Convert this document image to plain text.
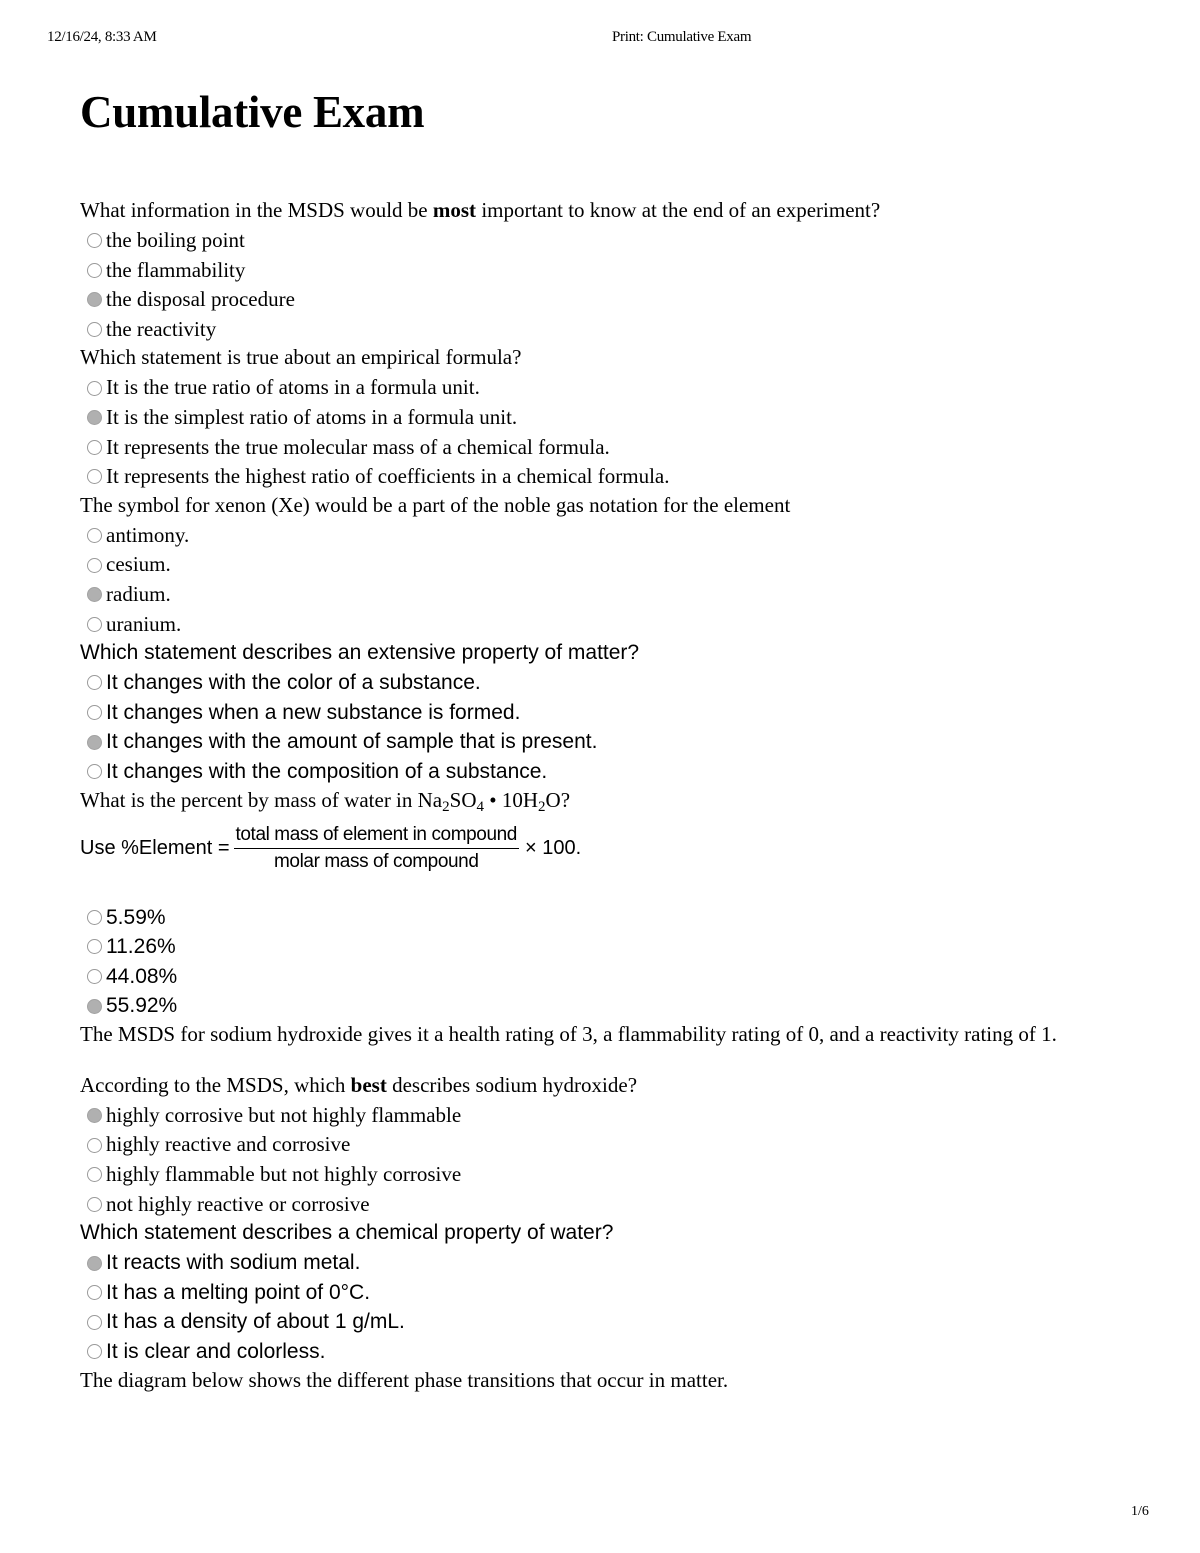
12/16/24, 8:33 AM	Print: Cumulative Exam
Cumulative Exam

What information in the MSDS would be most important to know at the end of an experiment?

the boiling point
the flammability
the disposal procedure
the reactivity

Which statement is true about an empirical formula?

It is the true ratio of atoms in a formula unit.
It is the simplest ratio of atoms in a formula unit.
It represents the true molecular mass of a chemical formula.
It represents the highest ratio of coefficients in a chemical formula.

The symbol for xenon (Xe) would be a part of the noble gas notation for the element

antimony.
cesium.
radium.
uranium.

Which statement describes an extensive property of matter?

It changes with the color of a substance.
It changes when a new substance is formed.
It changes with the amount of sample that is present.
It changes with the composition of a substance.

What is the percent by mass of water in $Na_2SO_4$ • $10H_2O$?

Use %Element = $\frac{\text{total mass of element in compound}}{\text{molar mass of compound}} \times 100$.
5.59%
11.26%
44.08%
55.92%

The MSDS for sodium hydroxide gives it a health rating of 3, a flammability rating of 0, and a reactivity rating of 1.

According to the MSDS, which best describes sodium hydroxide?

highly corrosive but not highly flammable
highly reactive and corrosive
highly flammable but not highly corrosive
not highly reactive or corrosive

Which statement describes a chemical property of water?

It reacts with sodium metal.
It has a melting point of 0°C.
It has a density of about 1 g/mL.
It is clear and colorless.

The diagram below shows the different phase transitions that occur in matter.

1/6
